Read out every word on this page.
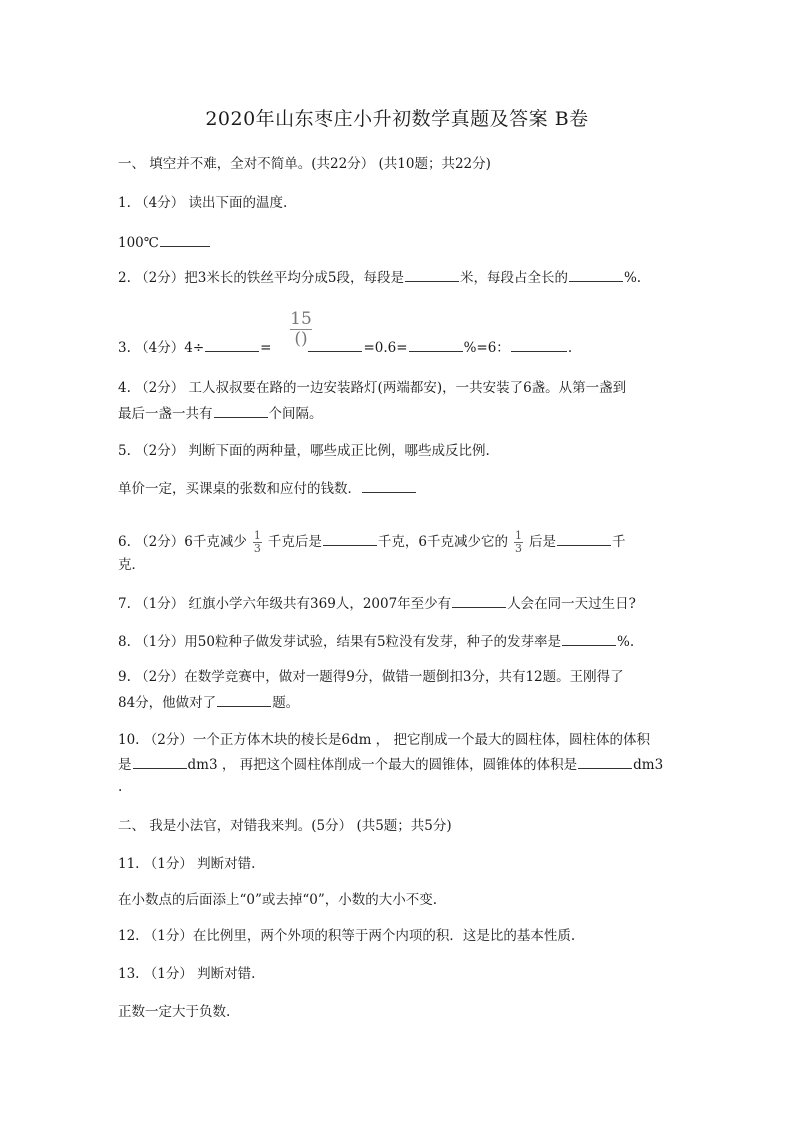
2020年山东枣庄小升初数学真题及答案 B卷
一、 填空并不难，全对不简单。(共22分） (共10题；共22分)
1. （4分） 读出下面的温度.
100℃
2. （2分）把3米长的铁丝平均分成5段，每段是	米，每段占全长的	%.
15
()
3. （4分）4÷	=	=0.6=	%=6：	.
4. （2分） 工人叔叔要在路的一边安装路灯(两端都安)，一共安装了6盏。从第一盏到
最后一盏一共有	个间隔。
5. （2分） 判断下面的两种量，哪些成正比例，哪些成反比例.
单价一定，买课桌的张数和应付的钱数．
6. （2分）6千克减少 $\frac{1}{3}$ 千克后是	千克，6千克减少它的 $\frac{1}{3}$ 后是	千
克．
7. （1分） 红旗小学六年级共有369人，2007年至少有	人会在同一天过生日?
8. （1分）用50粒种子做发芽试验，结果有5粒没有发芽，种子的发芽率是	%.
9. （2分）在数学竞赛中，做对一题得9分，做错一题倒扣3分，共有12题。王刚得了
84分，他做对了	题。
10. （2分）一个正方体木块的棱长是6dm ， 把它削成一个最大的圆柱体，圆柱体的体积
是	dm3 ， 再把这个圆柱体削成一个最大的圆锥体，圆锥体的体积是	dm3
.
二、 我是小法官，对错我来判。(5分） (共5题；共5分)
11. （1分） 判断对错.
在小数点的后面添上“0”或去掉“0”，小数的大小不变.
12. （1分）在比例里，两个外项的积等于两个内项的积．这是比的基本性质.
13. （1分） 判断对错.
正数一定大于负数.
